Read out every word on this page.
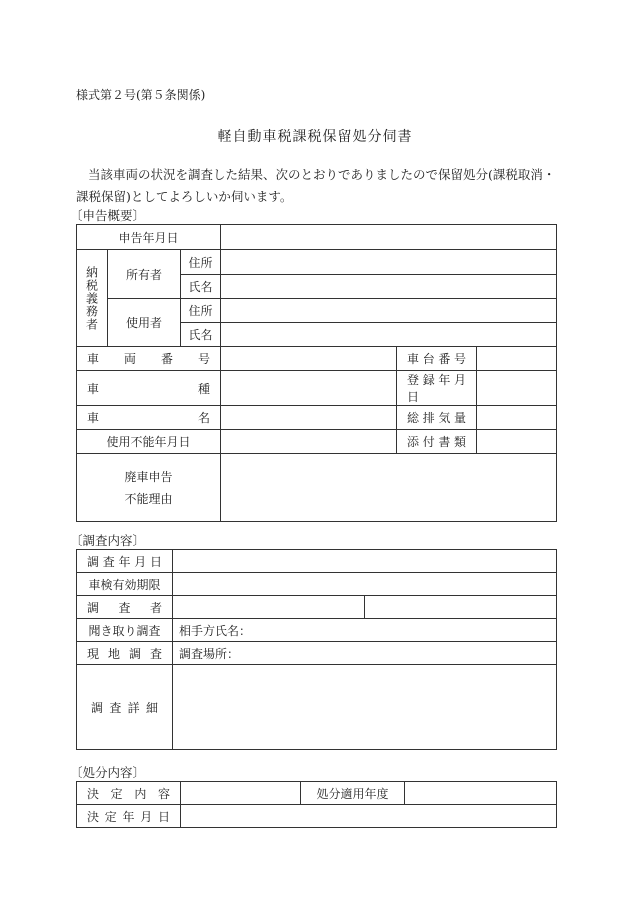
様式第２号(第５条関係)
軽自動車税課税保留処分伺書
当該車両の状況を調査した結果、次のとおりでありましたので保留処分(課税取消・課税保留)としてよろしいか伺います。
〔申告概要〕
申告年月日					

納税義務者	所有者	住所			
		氏名			
	使用者	住所			
		氏名			
車両番号				車台番号	
車種				登録年月日	
車　　　名				総排気量	
使用不能年月日				添付書類	

廃車申告
不能理由					

〔調査内容〕
調査年月日		
車検有効期限		
調査者		
聞き取り調査	相手方氏名：	
現地調査	調査場所：	
調査詳細		
〔処分内容〕
決定内容		処分適用年度	
決定年月日			
